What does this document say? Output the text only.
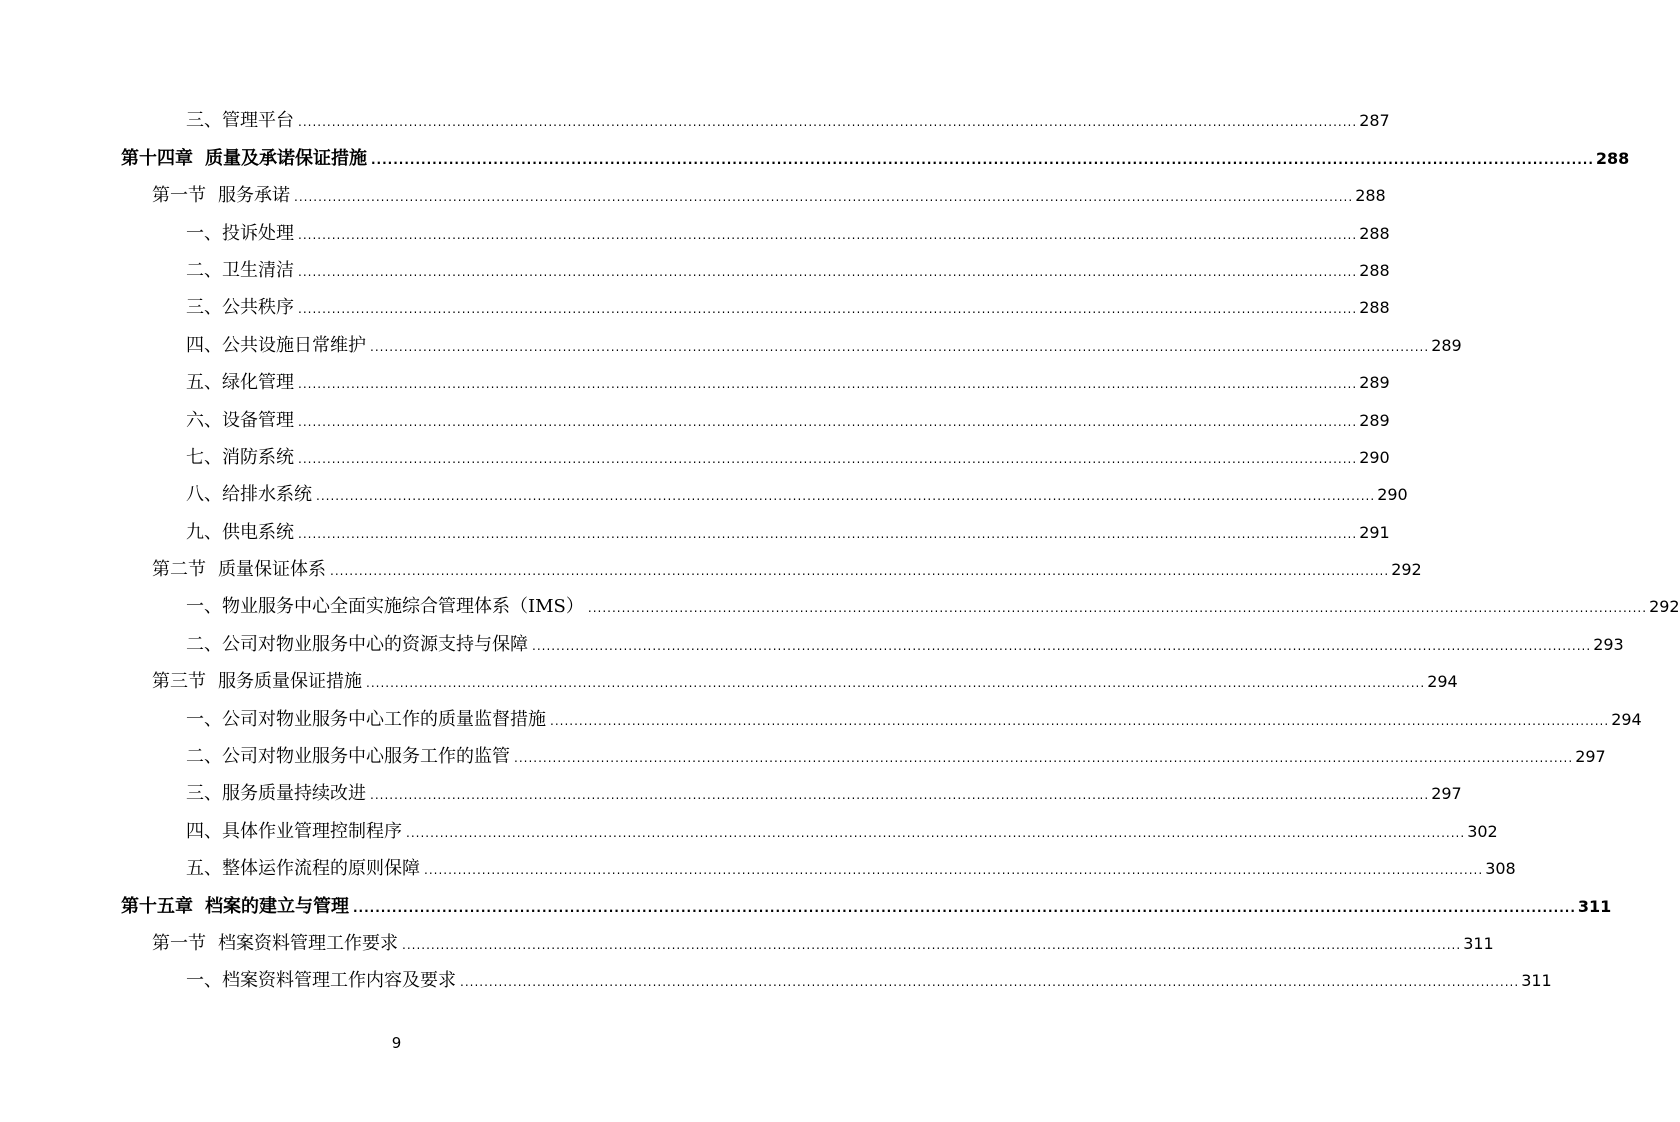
三、管理平台 ............................................................................................................................................................................................................................ 287
第十四章 质量及承诺保证措施 ............................................................................................................................................................................................................................ 288
第一节 服务承诺 ............................................................................................................................................................................................................................ 288
一、投诉处理 ............................................................................................................................................................................................................................ 288
二、卫生清洁 ............................................................................................................................................................................................................................ 288
三、公共秩序 ............................................................................................................................................................................................................................ 288
四、公共设施日常维护 ............................................................................................................................................................................................................................ 289
五、绿化管理 ............................................................................................................................................................................................................................ 289
六、设备管理 ............................................................................................................................................................................................................................ 289
七、消防系统 ............................................................................................................................................................................................................................ 290
八、给排水系统 ............................................................................................................................................................................................................................ 290
九、供电系统 ............................................................................................................................................................................................................................ 291
第二节 质量保证体系 ............................................................................................................................................................................................................................ 292
一、物业服务中心全面实施综合管理体系（IMS） ............................................................................................................................................................................................................................ 292
二、公司对物业服务中心的资源支持与保障 ............................................................................................................................................................................................................................ 293
第三节 服务质量保证措施 ............................................................................................................................................................................................................................ 294
一、公司对物业服务中心工作的质量监督措施 ............................................................................................................................................................................................................................ 294
二、公司对物业服务中心服务工作的监管 ............................................................................................................................................................................................................................ 297
三、服务质量持续改进 ............................................................................................................................................................................................................................ 297
四、具体作业管理控制程序 ............................................................................................................................................................................................................................ 302
五、整体运作流程的原则保障 ............................................................................................................................................................................................................................ 308
第十五章 档案的建立与管理 ............................................................................................................................................................................................................................ 311
第一节 档案资料管理工作要求 ............................................................................................................................................................................................................................ 311
一、档案资料管理工作内容及要求 ............................................................................................................................................................................................................................ 311
9
